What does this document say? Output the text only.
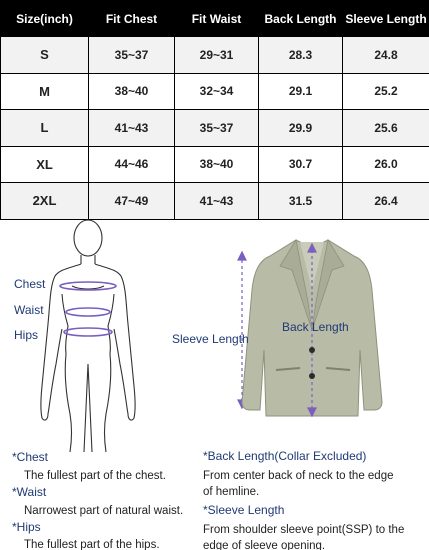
Size(inch)	Fit Chest	Fit Waist	Back Length	Sleeve Length
S	35~37	29~31	28.3	24.8
M	38~40	32~34	29.1	25.2
L	41~43	35~37	29.9	25.6
XL	44~46	38~40	30.7	26.0
2XL	47~49	41~43	31.5	26.4
Chest
Waist
Hips	Sleeve Length
Back Length
*Chest
The fullest part of the chest.
*Waist
Narrowest part of natural waist.
*Hips
The fullest part of the hips.
*Back Length(Collar Excluded)
From center back of neck to the edge
of hemline.
*Sleeve Length
From shoulder sleeve point(SSP) to the
edge of sleeve opening.
